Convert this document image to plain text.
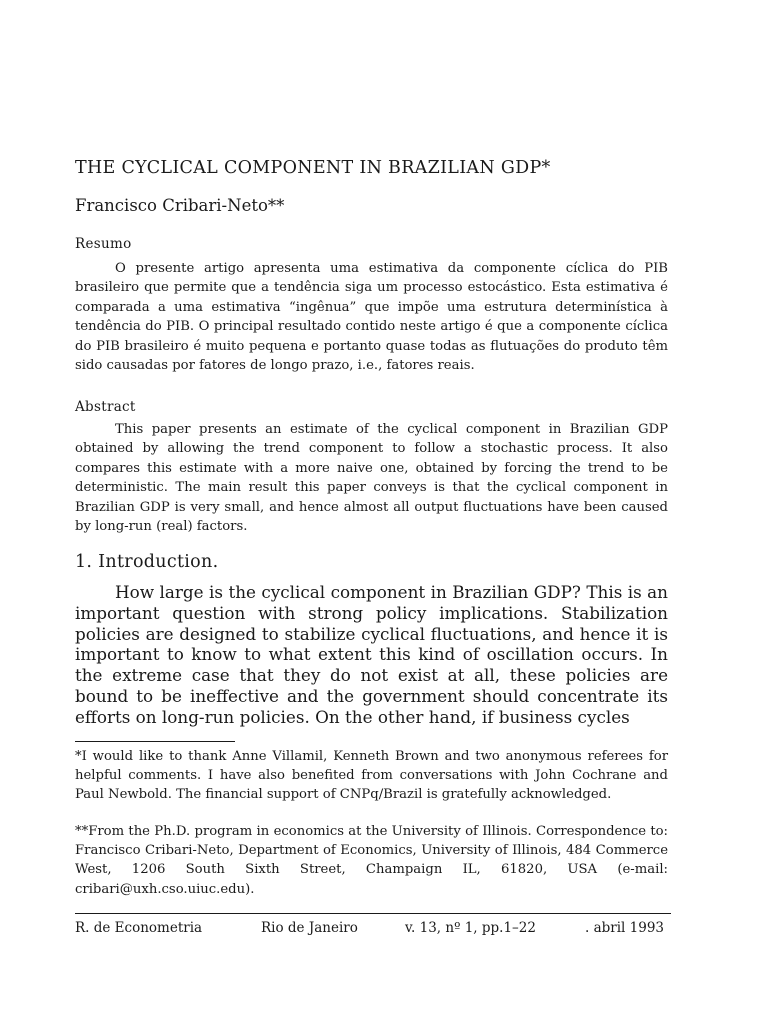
THE CYCLICAL COMPONENT IN BRAZILIAN GDP*
Francisco Cribari-Neto**
Resumo

O presente artigo apresenta uma estimativa da componente cíclica do PIB brasileiro que permite que a tendência siga um processo estocástico. Esta estimativa é comparada a uma estimativa “ingênua” que impõe uma estrutura determinística à tendência do PIB. O principal resultado contido neste artigo é que a componente cíclica do PIB brasileiro é muito pequena e portanto quase todas as flutuações do produto têm sido causadas por fatores de longo prazo, i.e., fatores reais.

Abstract

This paper presents an estimate of the cyclical component in Brazilian GDP obtained by allowing the trend component to follow a stochastic process. It also compares this estimate with a more naive one, obtained by forcing the trend to be deterministic. The main result this paper conveys is that the cyclical component in Brazilian GDP is very small, and hence almost all output fluctuations have been caused by long-run (real) factors.

1. Introduction.

How large is the cyclical component in Brazilian GDP? This is an important question with strong policy implications. Stabilization policies are designed to stabilize cyclical fluctuations, and hence it is important to know to what extent this kind of oscillation occurs. In the extreme case that they do not exist at all, these policies are bound to be ineffective and the government should concentrate its efforts on long-run policies. On the other hand, if business cycles

*I would like to thank Anne Villamil, Kenneth Brown and two anonymous referees for helpful comments. I have also benefited from conversations with John Cochrane and Paul Newbold. The financial support of CNPq/Brazil is gratefully acknowledged.

**From the Ph.D. program in economics at the University of Illinois. Correspondence to: Francisco Cribari-Neto, Department of Economics, University of Illinois, 484 Commerce West, 1206 South Sixth Street, Champaign IL, 61820, USA (e-mail: cribari@uxh.cso.uiuc.edu).

R. de Econometria	Rio de Janeiro	v. 13, nº 1, pp.1–22	. abril 1993
